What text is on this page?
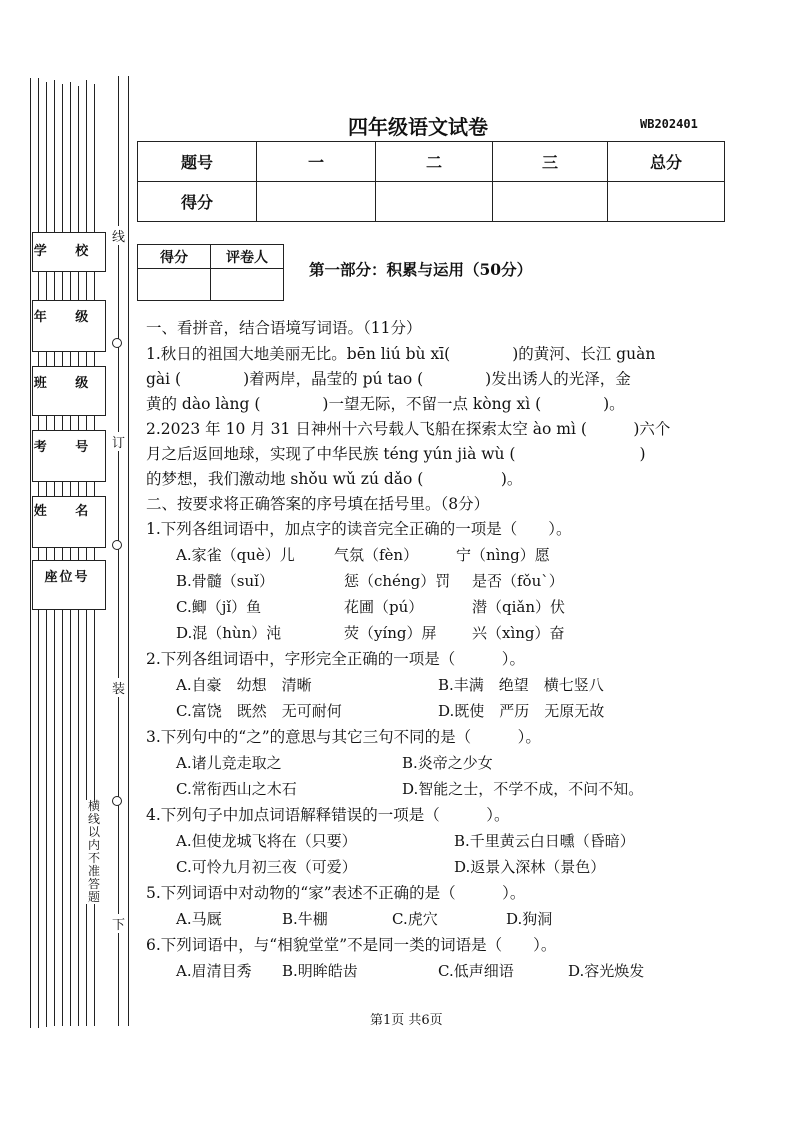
学 校
年 级
班 级
考 号
姓 名
座位号
线
订
装
下
横线以内不准答题
四年级语文试卷	WB202401
题号	一	二	三	总分
得分				
得分	评卷人

第一部分：积累与运用（50分）
一、看拼音，结合语境写词语。（11分）
1.秋日的祖国大地美丽无比。bēn liú bù xī(　　　　)的黄河、长江 guàn
gài (　　　　)着两岸，晶莹的 pú tao (　　　　)发出诱人的光泽，金
黄的 dào làng (　　　　)一望无际，不留一点 kòng xì (　　　　)。
2.2023 年 10 月 31 日神州十六号载人飞船在探索太空 ào mì (　　　)六个
月之后返回地球，实现了中华民族 téng yún jià wù (　　　　　　　　)
的梦想，我们激动地 shǒu wǔ zú dǎo (　　　　　)。
二、按要求将正确答案的序号填在括号里。（8分）
1.下列各组词语中，加点字的读音完全正确的一项是（　　）。
A.家雀（què）儿	气氛（fèn）	宁（nìng）愿
B.骨髓（suǐ）	惩（chéng）罚 是否（fǒu`）
C.鲫（jǐ）鱼	花圃（pú）	潜（qiǎn）伏
D.混（hùn）沌	荧（yíng）屏 兴（xìng）奋
2.下列各组词语中，字形完全正确的一项是（　　　）。
A.自豪　幼想　清晰	B.丰满　绝望　横七竖八
C.富饶　既然　无可耐何	D.既使　严历　无原无故
3.下列句中的“之”的意思与其它三句不同的是（　　　）。
A.诸儿竞走取之	B.炎帝之少女
C.常衔西山之木石	D.智能之士，不学不成，不问不知。
4.下列句子中加点词语解释错误的一项是（　　　）。
A.但使龙城飞将在（只要）	B.千里黄云白日曛（昏暗）
C.可怜九月初三夜（可爱）	D.返景入深林（景色）
5.下列词语中对动物的“家”表述不正确的是（　　　）。
A.马厩	B.牛棚	C.虎穴	D.狗洞
6.下列词语中，与“相貌堂堂”不是同一类的词语是（　　）。
A.眉清目秀 B.明眸皓齿	C.低声细语	D.容光焕发
第1页 共6页
